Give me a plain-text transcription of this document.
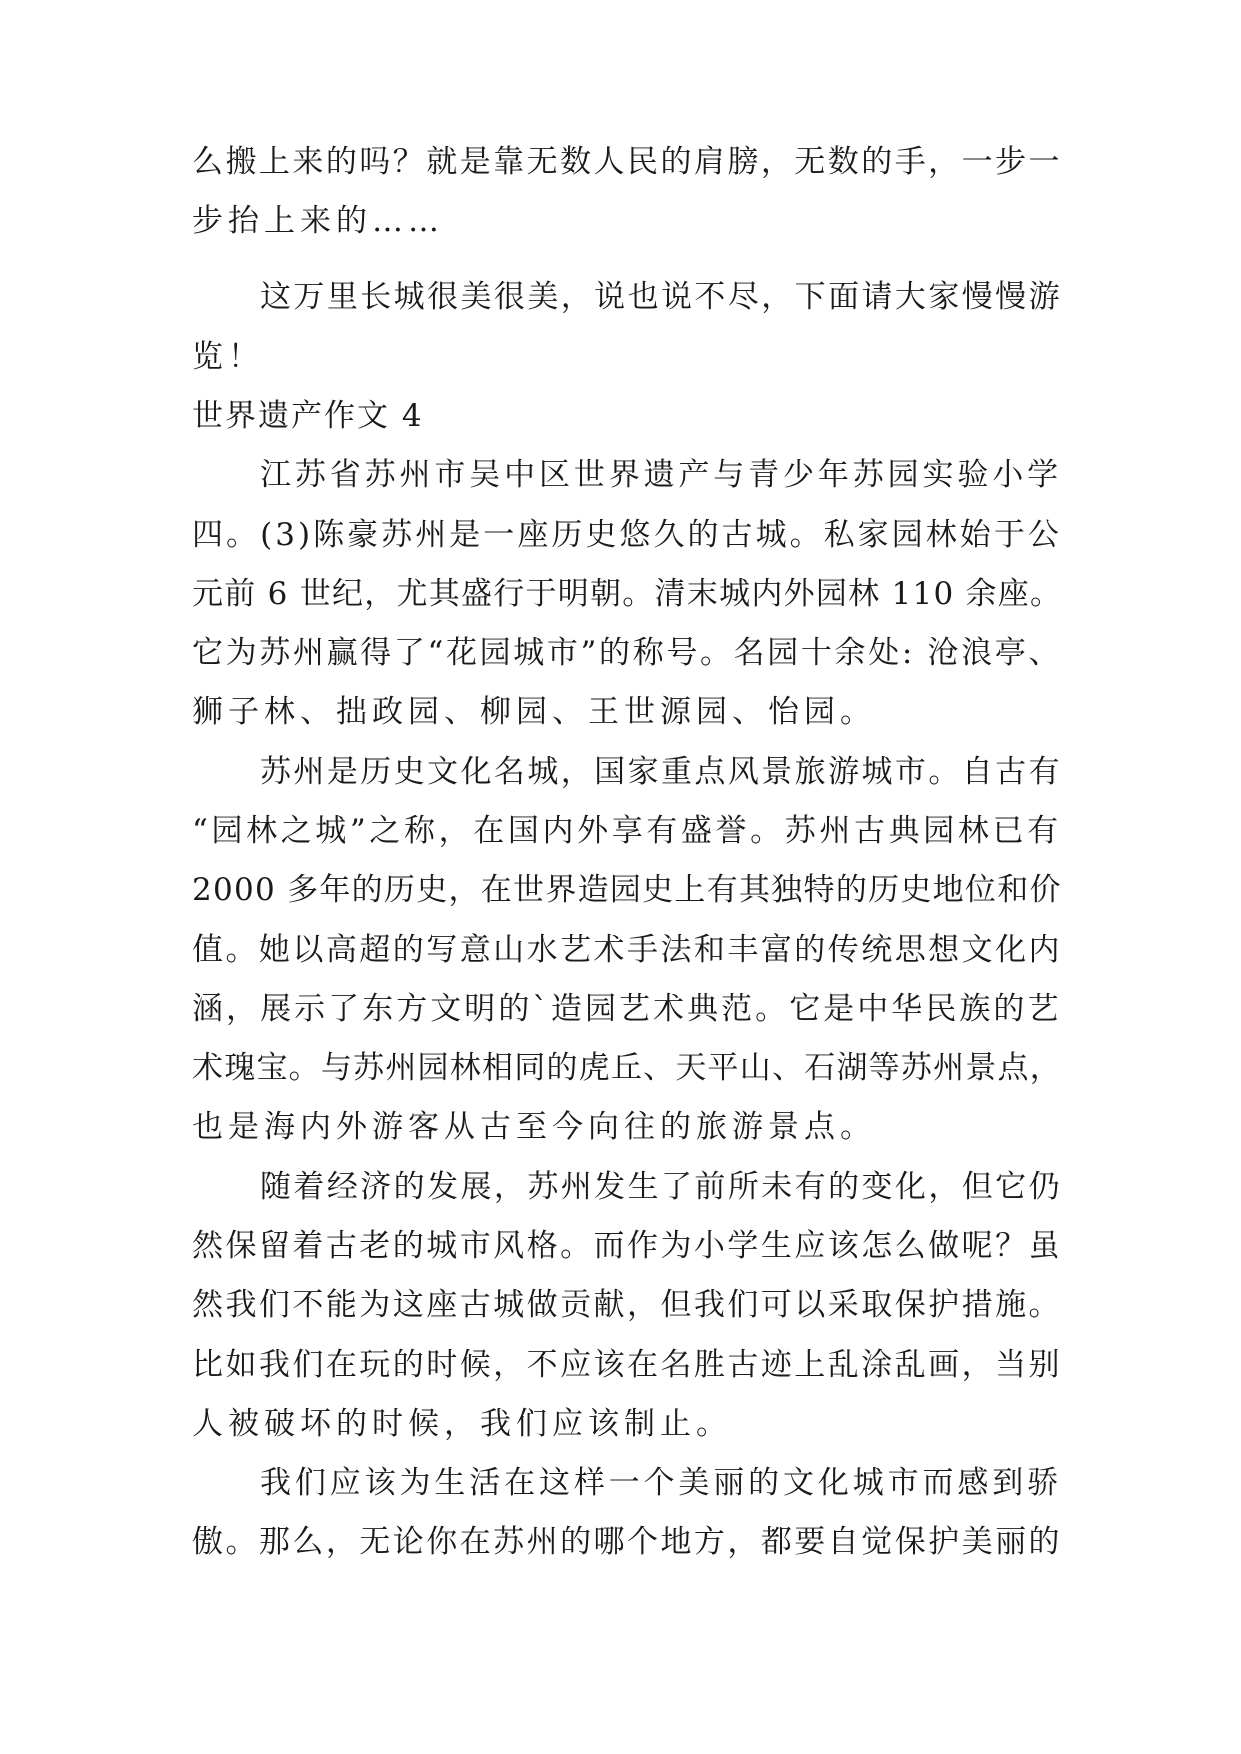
么搬上来的吗？就是靠无数人民的肩膀，无数的手，一步一
步抬上来的……
这万里长城很美很美，说也说不尽，下面请大家慢慢游
览！
世界遗产作文 4
江苏省苏州市吴中区世界遗产与青少年苏园实验小学
四。(3)陈豪苏州是一座历史悠久的古城。私家园林始于公
元前 6 世纪，尤其盛行于明朝。清末城内外园林 110 余座。
它为苏州赢得了“花园城市”的称号。名园十余处: 沧浪亭、
狮子林、拙政园、柳园、王世源园、怡园。
苏州是历史文化名城，国家重点风景旅游城市。自古有
“园林之城”之称，在国内外享有盛誉。苏州古典园林已有
2000 多年的历史，在世界造园史上有其独特的历史地位和价
值。她以高超的写意山水艺术手法和丰富的传统思想文化内
涵，展示了东方文明的`造园艺术典范。它是中华民族的艺
术瑰宝。与苏州园林相同的虎丘、天平山、石湖等苏州景点，
也是海内外游客从古至今向往的旅游景点。
随着经济的发展，苏州发生了前所未有的变化，但它仍
然保留着古老的城市风格。而作为小学生应该怎么做呢？虽
然我们不能为这座古城做贡献，但我们可以采取保护措施。
比如我们在玩的时候，不应该在名胜古迹上乱涂乱画，当别
人被破坏的时候，我们应该制止。
我们应该为生活在这样一个美丽的文化城市而感到骄
傲。那么，无论你在苏州的哪个地方，都要自觉保护美丽的
